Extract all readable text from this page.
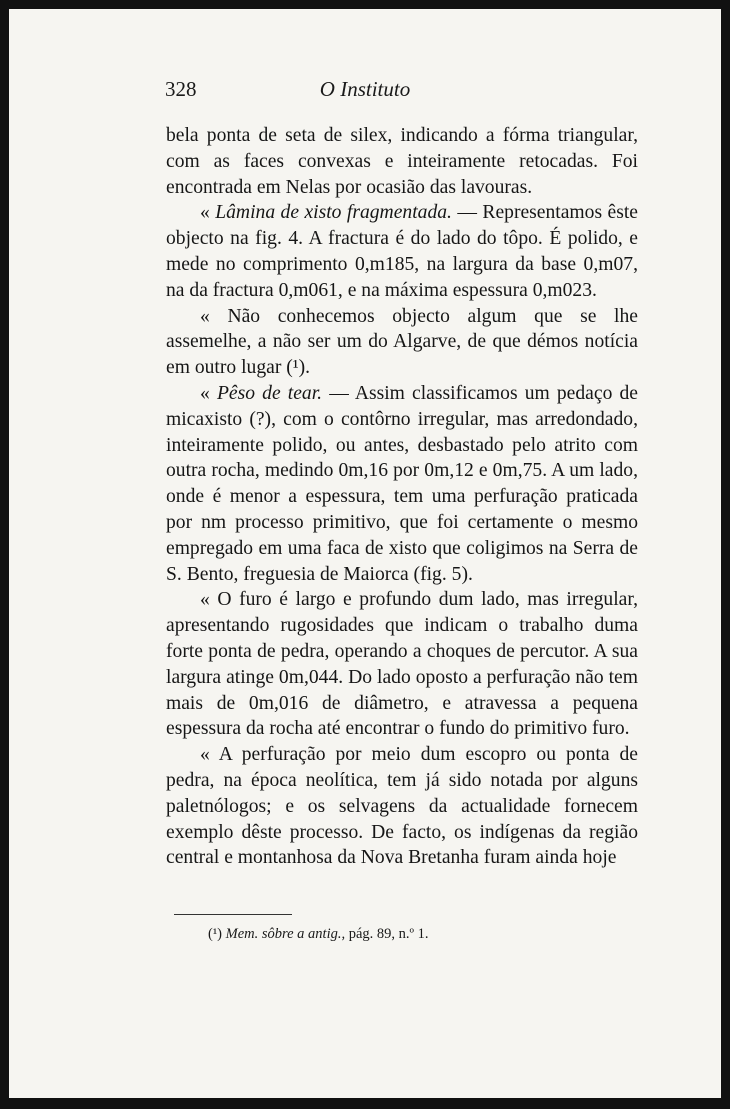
328	O Instituto

bela ponta de seta de silex, indicando a fórma triangular, com as faces convexas e inteiramente retocadas. Foi encontrada em Nelas por ocasião das lavouras.

« Lâmina de xisto fragmentada. — Representamos êste objecto na fig. 4. A fractura é do lado do tôpo. É polido, e mede no comprimento 0,m185, na largura da base 0,m07, na da fractura 0,m061, e na máxima espessura 0,m023.

« Não conhecemos objecto algum que se lhe assemelhe, a não ser um do Algarve, de que démos notícia em outro lugar (¹).

« Pêso de tear. — Assim classificamos um pedaço de micaxisto (?), com o contôrno irregular, mas arredondado, inteiramente polido, ou antes, desbastado pelo atrito com outra rocha, medindo 0m,16 por 0m,12 e 0m,75. A um lado, onde é menor a espessura, tem uma perfuração praticada por nm processo primitivo, que foi certamente o mesmo empregado em uma faca de xisto que coligimos na Serra de S. Bento, freguesia de Maiorca (fig. 5).

« O furo é largo e profundo dum lado, mas irregular, apresentando rugosidades que indicam o trabalho duma forte ponta de pedra, operando a choques de percutor. A sua largura atinge 0m,044. Do lado oposto a perfuração não tem mais de 0m,016 de diâmetro, e atravessa a pequena espessura da rocha até encontrar o fundo do primitivo furo.

« A perfuração por meio dum escopro ou ponta de pedra, na época neolítica, tem já sido notada por alguns paletnólogos; e os selvagens da actualidade fornecem exemplo dêste processo. De facto, os indígenas da região central e montanhosa da Nova Bretanha furam ainda hoje

(¹) Mem. sôbre a antig., pág. 89, n.º 1.
